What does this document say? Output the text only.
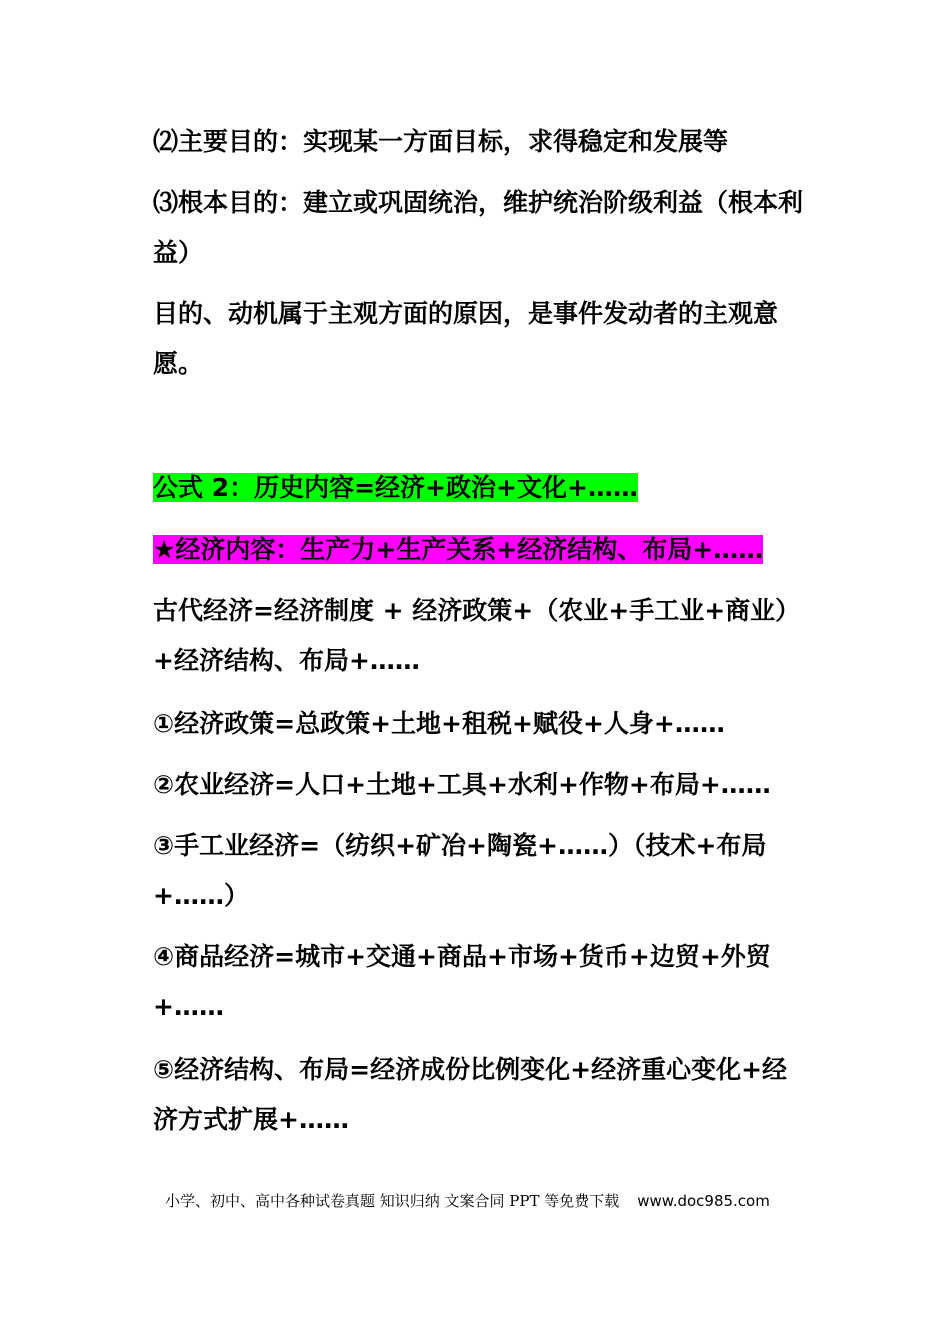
⑵主要目的：实现某一方面目标，求得稳定和发展等

⑶根本目的：建立或巩固统治，维护统治阶级利益（根本利益）

目的、动机属于主观方面的原因，是事件发动者的主观意愿。

公式 2：历史内容=经济+政治+文化+……

★经济内容：生产力+生产关系+经济结构、布局+……

古代经济=经济制度 + 经济政策+（农业+手工业+商业）+经济结构、布局+……

①经济政策=总政策+土地+租税+赋役+人身+……

②农业经济=人口+土地+工具+水利+作物+布局+……

③手工业经济=（纺织+矿冶+陶瓷+……）（技术+布局+……）

④商品经济=城市+交通+商品+市场+货币+边贸+外贸+……

⑤经济结构、布局=经济成份比例变化+经济重心变化+经济方式扩展+……

小学、初中、高中各种试卷真题 知识归纳 文案合同 PPT 等免费下载 www.doc985.com
